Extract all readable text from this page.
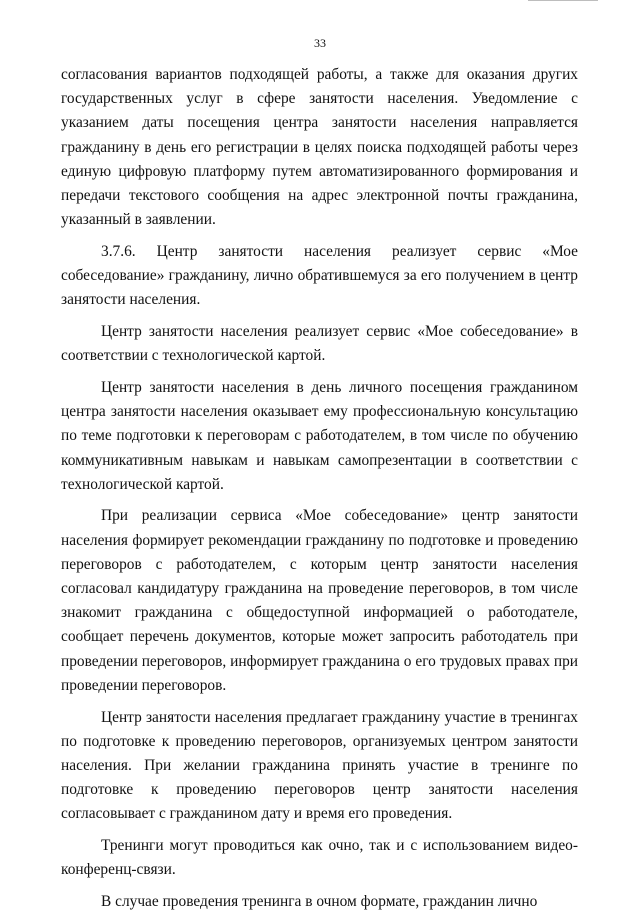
33

согласования вариантов подходящей работы, а также для оказания других государственных услуг в сфере занятости населения. Уведомление с указанием даты посещения центра занятости населения направляется гражданину в день его регистрации в целях поиска подходящей работы через единую цифровую платформу путем автоматизированного формирования и передачи текстового сообщения на адрес электронной почты гражданина, указанный в заявлении.

3.7.6. Центр занятости населения реализует сервис «Мое собеседование» гражданину, лично обратившемуся за его получением в центр занятости населения.

Центр занятости населения реализует сервис «Мое собеседование» в соответствии с технологической картой.

Центр занятости населения в день личного посещения гражданином центра занятости населения оказывает ему профессиональную консультацию по теме подготовки к переговорам с работодателем, в том числе по обучению коммуникативным навыкам и навыкам самопрезентации в соответствии с технологической картой.

При реализации сервиса «Мое собеседование» центр занятости населения формирует рекомендации гражданину по подготовке и проведению переговоров с работодателем, с которым центр занятости населения согласовал кандидатуру гражданина на проведение переговоров, в том числе знакомит гражданина с общедоступной информацией о работодателе, сообщает перечень документов, которые может запросить работодатель при проведении переговоров, информирует гражданина о его трудовых правах при проведении переговоров.

Центр занятости населения предлагает гражданину участие в тренингах по подготовке к проведению переговоров, организуемых центром занятости населения. При желании гражданина принять участие в тренинге по подготовке к проведению переговоров центр занятости населения согласовывает с гражданином дату и время его проведения.

Тренинги могут проводиться как очно, так и с использованием видео-конференц-связи.

В случае проведения тренинга в очном формате, гражданин лично
